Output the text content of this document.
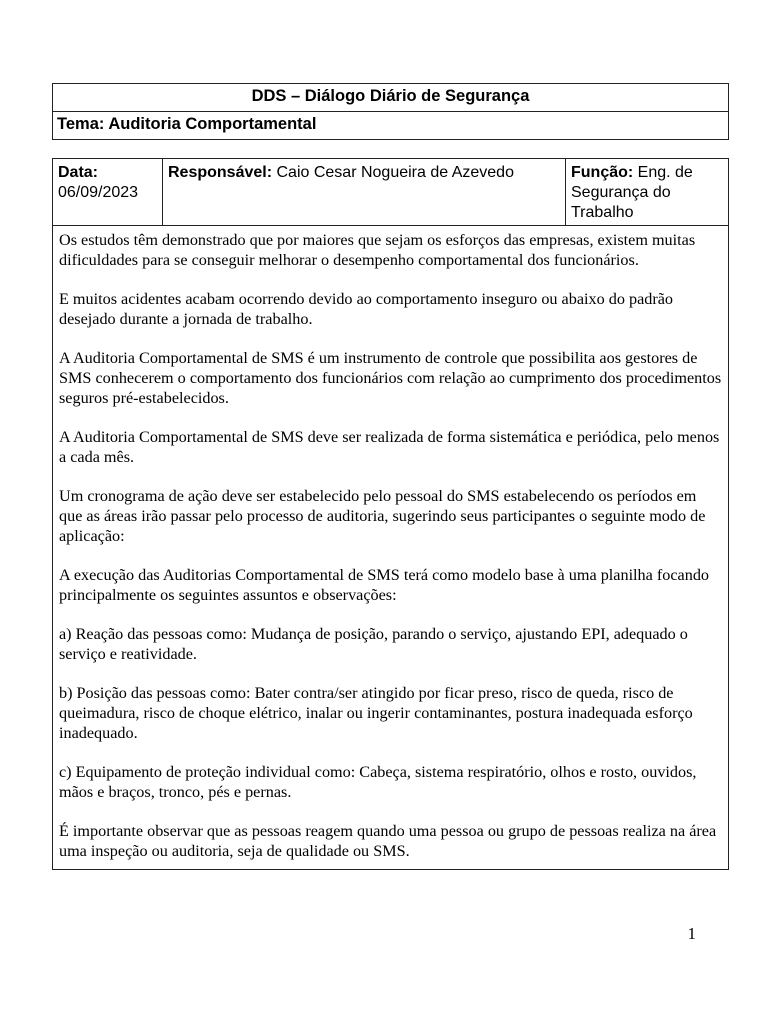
DDS – Diálogo Diário de Segurança
Tema: Auditoria Comportamental
Data:
06/09/2023	Responsável: Caio Cesar Nogueira de Azevedo	Função: Eng. de Segurança do Trabalho

Os estudos têm demonstrado que por maiores que sejam os esforços das empresas, existem muitas dificuldades para se conseguir melhorar o desempenho comportamental dos funcionários.

E muitos acidentes acabam ocorrendo devido ao comportamento inseguro ou abaixo do padrão desejado durante a jornada de trabalho.

A Auditoria Comportamental de SMS é um instrumento de controle que possibilita aos gestores de SMS conhecerem o comportamento dos funcionários com relação ao cumprimento dos procedimentos seguros pré-estabelecidos.

A Auditoria Comportamental de SMS deve ser realizada de forma sistemática e periódica, pelo menos a cada mês.

Um cronograma de ação deve ser estabelecido pelo pessoal do SMS estabelecendo os períodos em que as áreas irão passar pelo processo de auditoria, sugerindo seus participantes o seguinte modo de aplicação:

A execução das Auditorias Comportamental de SMS terá como modelo base à uma planilha focando principalmente os seguintes assuntos e observações:

a) Reação das pessoas como: Mudança de posição, parando o serviço, ajustando EPI, adequado o serviço e reatividade.

b) Posição das pessoas como: Bater contra/ser atingido por ficar preso, risco de queda, risco de queimadura, risco de choque elétrico, inalar ou ingerir contaminantes, postura inadequada esforço inadequado.

c) Equipamento de proteção individual como: Cabeça, sistema respiratório, olhos e rosto, ouvidos, mãos e braços, tronco, pés e pernas.

É importante observar que as pessoas reagem quando uma pessoa ou grupo de pessoas realiza na área uma inspeção ou auditoria, seja de qualidade ou SMS.

1
